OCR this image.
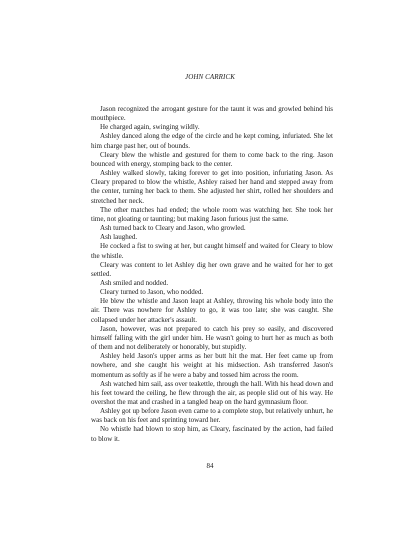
JOHN CARRICK

Jason recognized the arrogant gesture for the taunt it was and growled behind his mouthpiece.

He charged again, swinging wildly.

Ashley danced along the edge of the circle and he kept coming, infuriated. She let him charge past her, out of bounds.

Cleary blew the whistle and gestured for them to come back to the ring. Jason bounced with energy, stomping back to the center.

Ashley walked slowly, taking forever to get into position, infuriating Jason. As Cleary prepared to blow the whistle, Ashley raised her hand and stepped away from the center, turning her back to them. She adjusted her shirt, rolled her shoulders and stretched her neck.

The other matches had ended; the whole room was watching her. She took her time, not gloating or taunting; but making Jason furious just the same.

Ash turned back to Cleary and Jason, who growled.

Ash laughed.

He cocked a fist to swing at her, but caught himself and waited for Cleary to blow the whistle.

Cleary was content to let Ashley dig her own grave and he waited for her to get settled.

Ash smiled and nodded.

Cleary turned to Jason, who nodded.

He blew the whistle and Jason leapt at Ashley, throwing his whole body into the air. There was nowhere for Ashley to go, it was too late; she was caught. She collapsed under her attacker's assault.

Jason, however, was not prepared to catch his prey so easily, and discovered himself falling with the girl under him. He wasn't going to hurt her as much as both of them and not deliberately or honorably, but stupidly.

Ashley held Jason's upper arms as her butt hit the mat. Her feet came up from nowhere, and she caught his weight at his midsection. Ash transferred Jason's momentum as softly as if he were a baby and tossed him across the room.

Ash watched him sail, ass over teakettle, through the hall. With his head down and his feet toward the ceiling, he flew through the air, as people slid out of his way. He overshot the mat and crashed in a tangled heap on the hard gymnasium floor.

Ashley got up before Jason even came to a complete stop, but relatively unhurt, he was back on his feet and sprinting toward her.

No whistle had blown to stop him, as Cleary, fascinated by the action, had failed to blow it.

84
